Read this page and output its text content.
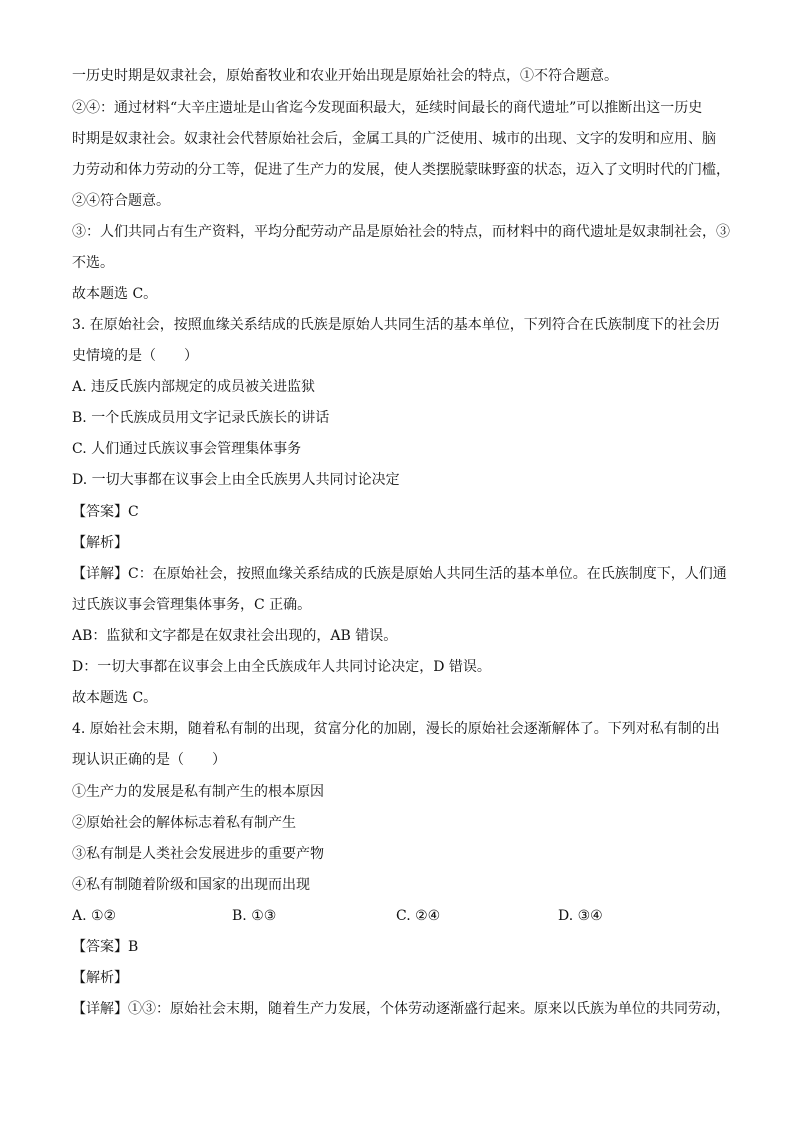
一历史时期是奴隶社会，原始畜牧业和农业开始出现是原始社会的特点，①不符合题意。
②④：通过材料“大辛庄遗址是山省迄今发现面积最大，延续时间最长的商代遗址”可以推断出这一历史
时期是奴隶社会。奴隶社会代替原始社会后，金属工具的广泛使用、城市的出现、文字的发明和应用、脑
力劳动和体力劳动的分工等，促进了生产力的发展，使人类摆脱蒙昧野蛮的状态，迈入了文明时代的门槛，
②④符合题意。
③：人们共同占有生产资料，平均分配劳动产品是原始社会的特点，而材料中的商代遗址是奴隶制社会，③
不选。
故本题选 C。
3. 在原始社会，按照血缘关系结成的氏族是原始人共同生活的基本单位，下列符合在氏族制度下的社会历
史情境的是（　　）
A. 违反氏族内部规定的成员被关进监狱
B. 一个氏族成员用文字记录氏族长的讲话
C. 人们通过氏族议事会管理集体事务
D. 一切大事都在议事会上由全氏族男人共同讨论决定
【答案】C
【解析】
【详解】C：在原始社会，按照血缘关系结成的氏族是原始人共同生活的基本单位。在氏族制度下，人们通
过氏族议事会管理集体事务，C 正确。
AB：监狱和文字都是在奴隶社会出现的，AB 错误。
D：一切大事都在议事会上由全氏族成年人共同讨论决定，D 错误。
故本题选 C。
4. 原始社会末期，随着私有制的出现，贫富分化的加剧，漫长的原始社会逐渐解体了。下列对私有制的出
现认识正确的是（　　）
①生产力的发展是私有制产生的根本原因
②原始社会的解体标志着私有制产生
③私有制是人类社会发展进步的重要产物
④私有制随着阶级和国家的出现而出现
A. ①②	B. ①③	C. ②④	D. ③④
【答案】B
【解析】
【详解】①③：原始社会末期，随着生产力发展，个体劳动逐渐盛行起来。原来以氏族为单位的共同劳动，
